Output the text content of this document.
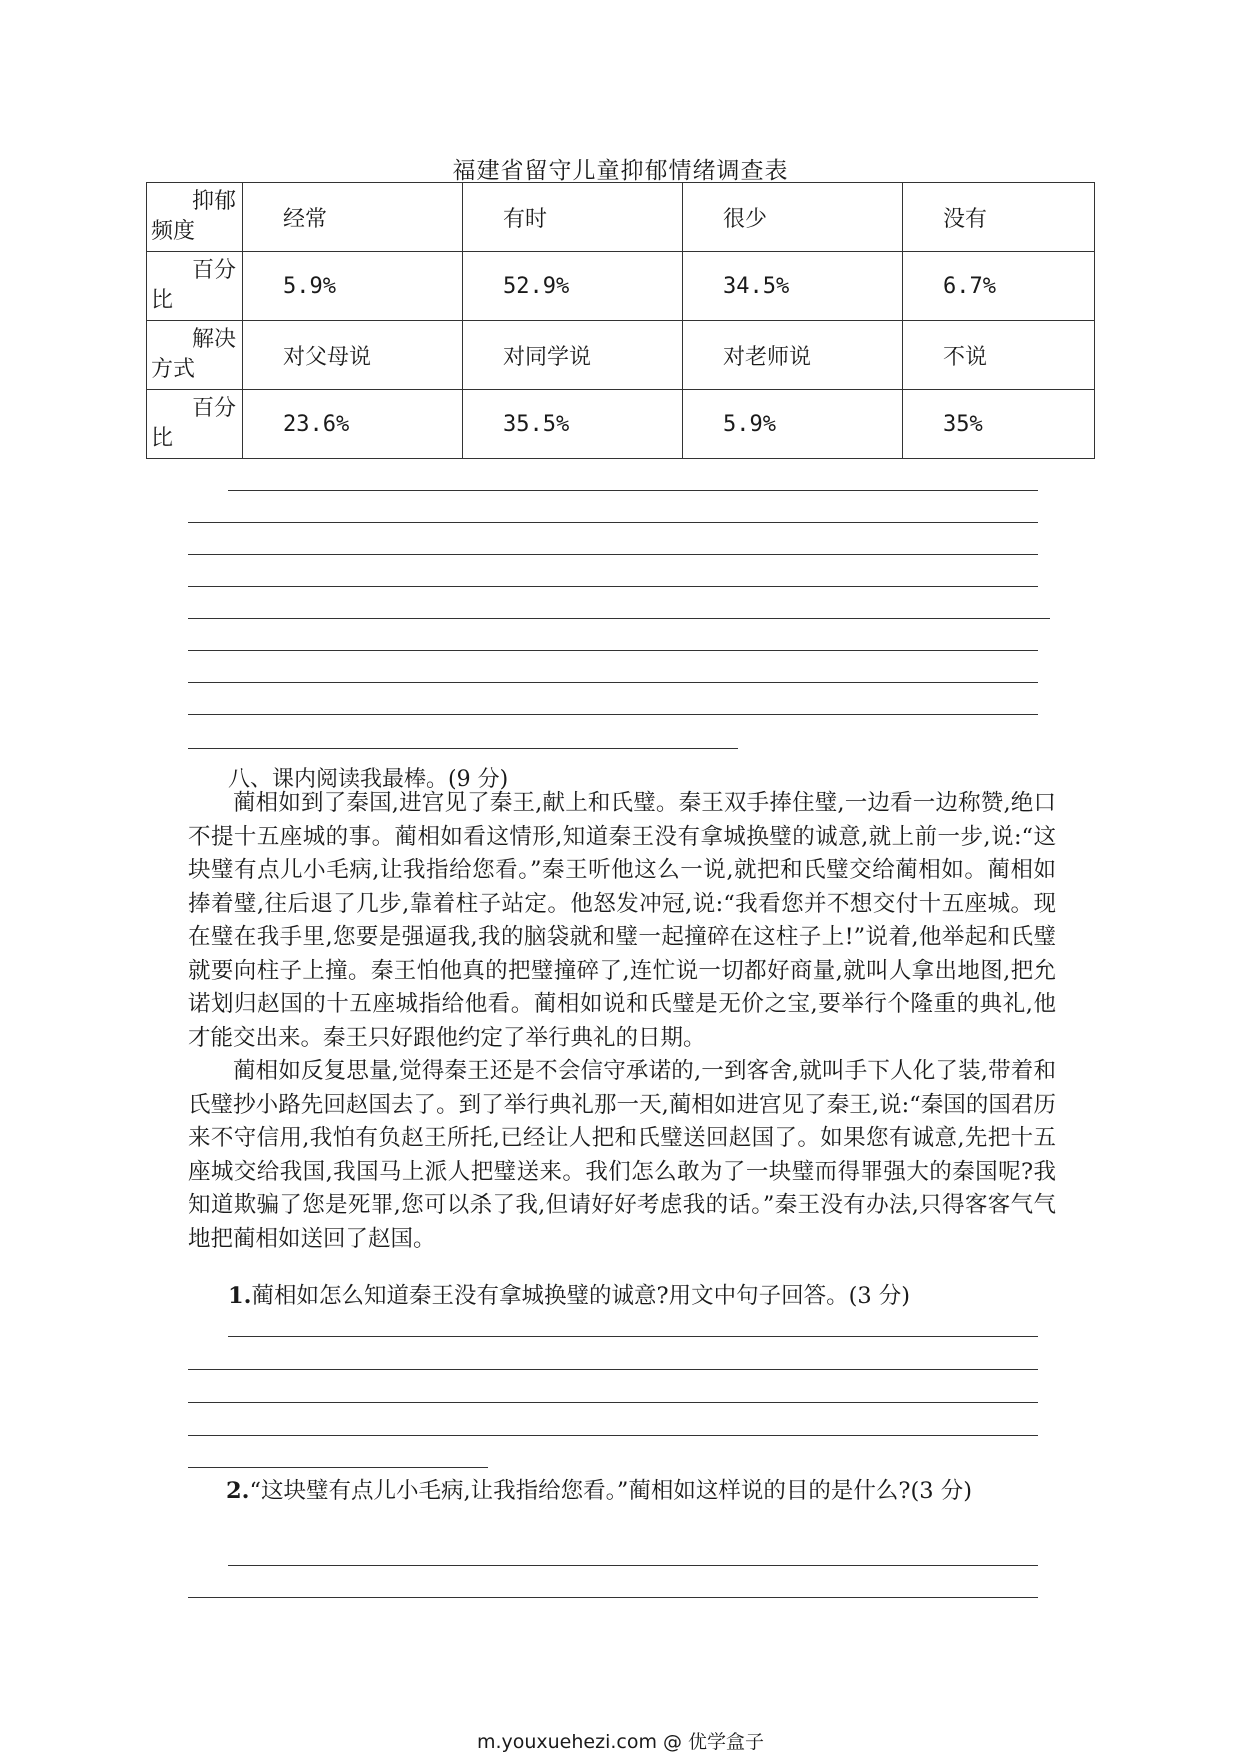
福建省留守儿童抑郁情绪调查表
抑郁
频度	经常	有时	很少	没有

百分
比	5.9%	52.9%	34.5%	6.7%

解决
方式	对父母说	对同学说	对老师说	不说

百分
比	23.6%	35.5%	5.9%	35%
八、课内阅读我最棒。(9 分)

蔺相如到了秦国,进宫见了秦王,献上和氏璧。秦王双手捧住璧,一边看一边称赞,绝口不提十五座城的事。蔺相如看这情形,知道秦王没有拿城换璧的诚意,就上前一步,说:“这块璧有点儿小毛病,让我指给您看。”秦王听他这么一说,就把和氏璧交给蔺相如。蔺相如捧着璧,往后退了几步,靠着柱子站定。他怒发冲冠,说:“我看您并不想交付十五座城。现在璧在我手里,您要是强逼我,我的脑袋就和璧一起撞碎在这柱子上!”说着,他举起和氏璧就要向柱子上撞。秦王怕他真的把璧撞碎了,连忙说一切都好商量,就叫人拿出地图,把允诺划归赵国的十五座城指给他看。蔺相如说和氏璧是无价之宝,要举行个隆重的典礼,他才能交出来。秦王只好跟他约定了举行典礼的日期。

蔺相如反复思量,觉得秦王还是不会信守承诺的,一到客舍,就叫手下人化了装,带着和氏璧抄小路先回赵国去了。到了举行典礼那一天,蔺相如进宫见了秦王,说:“秦国的国君历来不守信用,我怕有负赵王所托,已经让人把和氏璧送回赵国了。如果您有诚意,先把十五座城交给我国,我国马上派人把璧送来。我们怎么敢为了一块璧而得罪强大的秦国呢?我知道欺骗了您是死罪,您可以杀了我,但请好好考虑我的话。”秦王没有办法,只得客客气气地把蔺相如送回了赵国。

1.蔺相如怎么知道秦王没有拿城换璧的诚意?用文中句子回答。(3 分)
2.“这块璧有点儿小毛病,让我指给您看。”蔺相如这样说的目的是什么?(3 分)
m.youxuehezi.com @ 优学盒子
